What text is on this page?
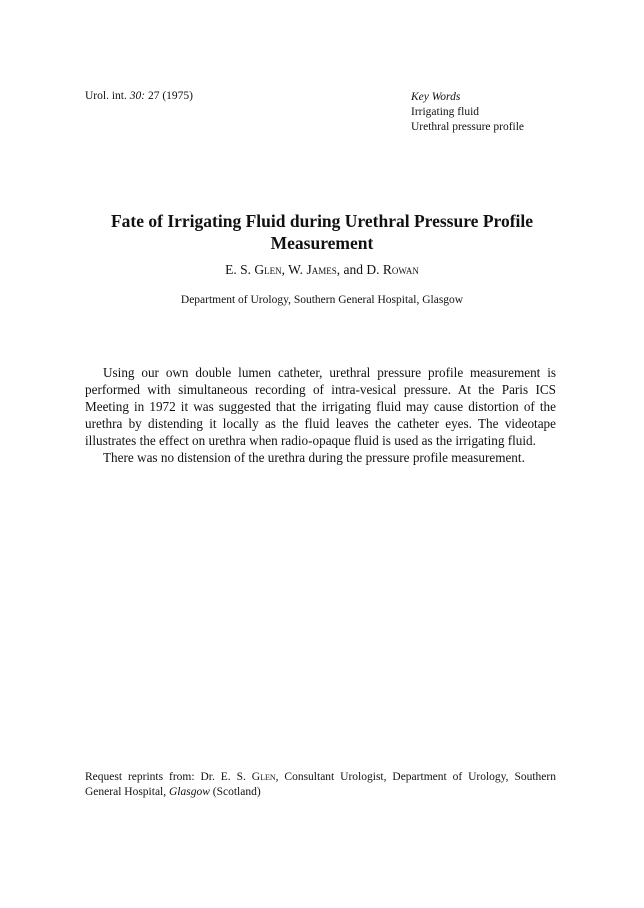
Urol. int. 30: 27 (1975)	Key Words
Irrigating fluid
Urethral pressure profile
Fate of Irrigating Fluid during Urethral Pressure Profile Measurement
E. S. Glen, W. James, and D. Rowan
Department of Urology, Southern General Hospital, Glasgow

Using our own double lumen catheter, urethral pressure profile measurement is performed with simultaneous recording of intra-vesical pressure. At the Paris ICS Meeting in 1972 it was suggested that the irrigating fluid may cause distortion of the urethra by distending it locally as the fluid leaves the catheter eyes. The videotape illustrates the effect on urethra when radio-opaque fluid is used as the irrigating fluid.

There was no distension of the urethra during the pressure profile measurement.

Request reprints from: Dr. E. S. Glen, Consultant Urologist, Department of Urology, Southern General Hospital, Glasgow (Scotland)
